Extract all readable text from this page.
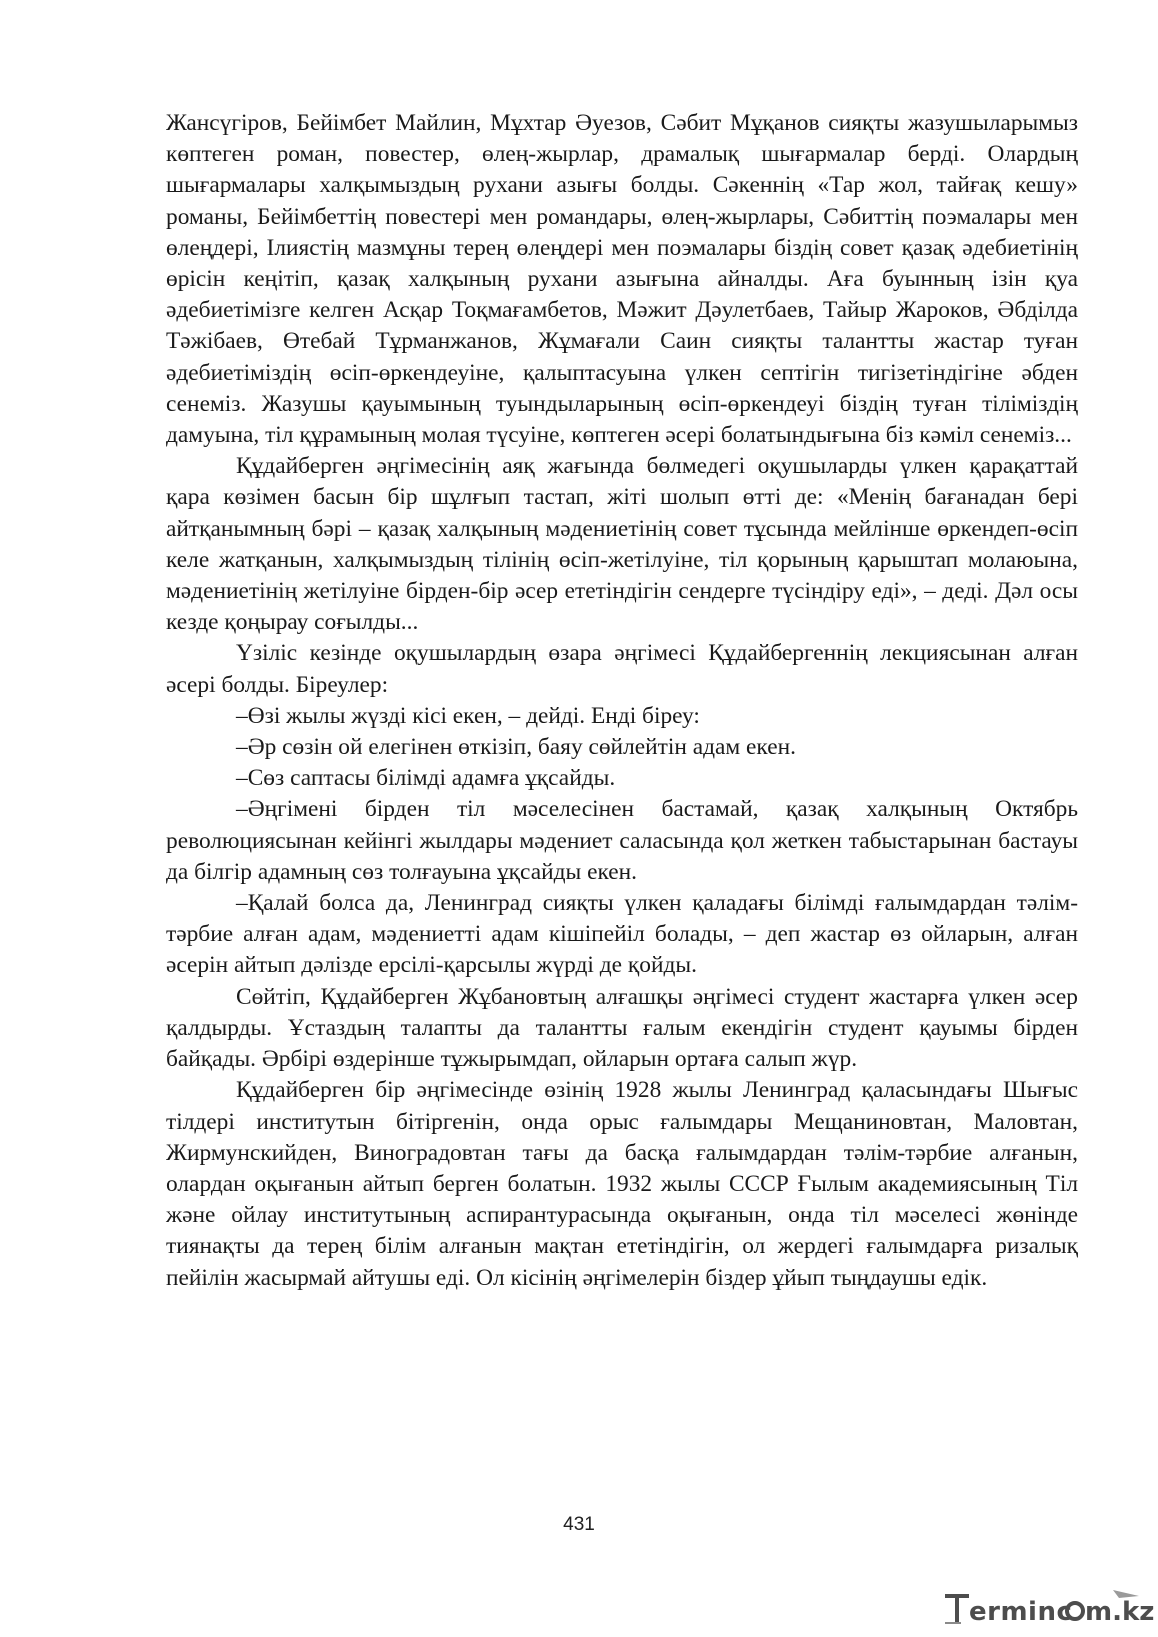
Жансүгіров, Бейімбет Майлин, Мұхтар Әуезов, Сәбит Мұқанов сияқты жазушыларымыз көптеген роман, повестер, өлең-жырлар, драмалық шығармалар берді. Олардың шығармалары халқымыздың рухани азығы болды. Сәкеннің «Тар жол, тайғақ кешу» романы, Бейімбеттің повестері мен романдары, өлең-жырлары, Сәбиттің поэмалары мен өлеңдері, Ілиястің мазмұны терең өлеңдері мен поэмалары біздің совет қазақ әдебиетінің өрісін кеңітіп, қазақ халқының рухани азығына айналды. Аға буынның ізін қуа әдебиетімізге келген Асқар Тоқмағамбетов, Мәжит Дәулетбаев, Тайыр Жароков, Әбділда Тәжібаев, Өтебай Тұрманжанов, Жұмағали Саин сияқты талантты жастар туған әдебиетіміздің өсіп-өркендеуіне, қалыптасуына үлкен септігін тигізетіндігіне әбден сенеміз. Жазушы қауымының туындыларының өсіп-өркендеуі біздің туған тіліміздің дамуына, тіл құрамының молая түсуіне, көптеген әсері болатындығына біз кәміл сенеміз...

Құдайберген әңгімесінің аяқ жағында бөлмедегі оқушыларды үлкен қарақаттай қара көзімен басын бір шұлғып тастап, жіті шолып өтті де: «Менің бағанадан бері айтқанымның бәрі – қазақ халқының мәдениетінің совет тұсында мейлінше өркендеп-өсіп келе жатқанын, халқымыздың тілінің өсіп-жетілуіне, тіл қорының қарыштап молаюына, мәдениетінің жетілуіне бірден-бір әсер ететіндігін сендерге түсіндіру еді», – деді. Дәл осы кезде қоңырау соғылды...

Үзіліс кезінде оқушылардың өзара әңгімесі Құдайбергеннің лекциясынан алған әсері болды. Біреулер:

–Өзі жылы жүзді кісі екен, – дейді. Енді біреу:

–Әр сөзін ой елегінен өткізіп, баяу сөйлейтін адам екен.

–Сөз саптасы білімді адамға ұқсайды.

–Әңгімені бірден тіл мәселесінен бастамай, қазақ халқының Октябрь революциясынан кейінгі жылдары мәдениет саласында қол жеткен табыстарынан бастауы да білгір адамның сөз толғауына ұқсайды екен.

–Қалай болса да, Ленинград сияқты үлкен қаладағы білімді ғалымдардан тәлім-тәрбие алған адам, мәдениетті адам кішіпейіл болады, – деп жастар өз ойларын, алған әсерін айтып дәлізде ерсілі-қарсылы жүрді де қойды.

Сөйтіп, Құдайберген Жұбановтың алғашқы әңгімесі студент жастарға үлкен әсер қалдырды. Ұстаздың талапты да талантты ғалым екендігін студент қауымы бірден байқады. Әрбірі өздерінше тұжырымдап, ойларын ортаға салып жүр.

Құдайберген бір әңгімесінде өзінің 1928 жылы Ленинград қаласындағы Шығыс тілдері институтын бітіргенін, онда орыс ғалымдары Мещаниновтан, Маловтан, Жирмунскийден, Виноградовтан тағы да басқа ғалымдардан тәлім-тәрбие алғанын, олардан оқығанын айтып берген болатын. 1932 жылы СССР Ғылым академиясының Тіл және ойлау институтының аспирантурасында оқығанын, онда тіл мәселесі жөнінде тиянақты да терең білім алғанын мақтан ететіндігін, ол жердегі ғалымдарға ризалық пейілін жасырмай айтушы еді. Ол кісінің әңгімелерін біздер ұйып тыңдаушы едік.

431
erminc m.kz
